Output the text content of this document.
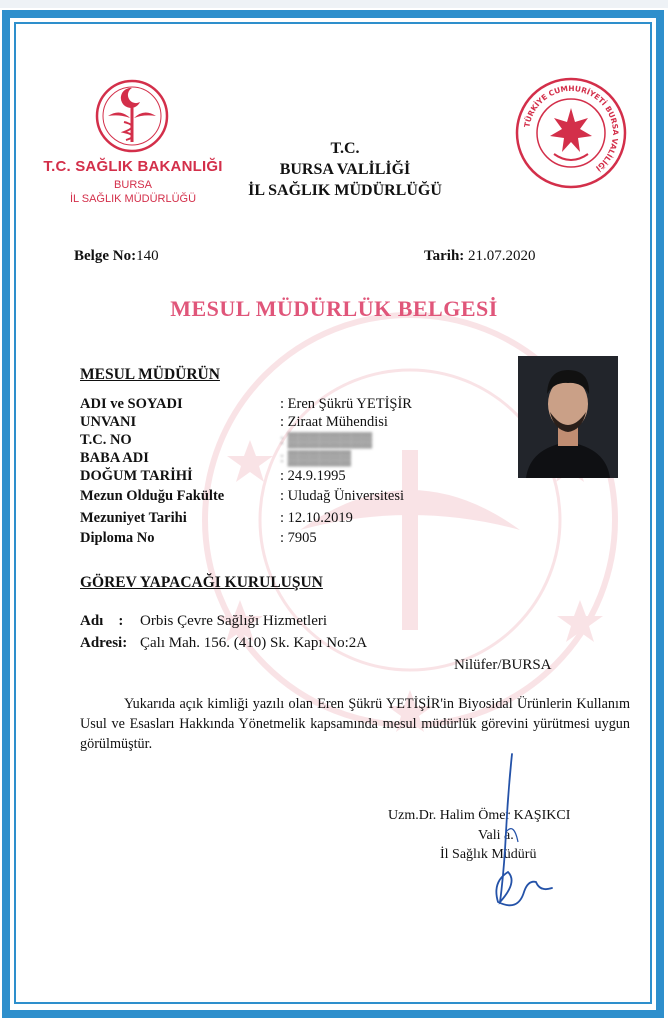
T.C. SAĞLIK BAKANLIĞI
BURSA
İL SAĞLIK MÜDÜRLÜĞÜ
T.C.
BURSA VALİLİĞİ
İL SAĞLIK MÜDÜRLÜĞÜ
TÜRKİYE CUMHURİYETİ BURSA VALİLİĞİ
Belge No:140	Tarih: 21.07.2020
MESUL MÜDÜRLÜK BELGESİ
MESUL MÜDÜRÜN
ADI ve SOYADI	: Eren Şükrü YETİŞİR
UNVANI	: Ziraat Mühendisi
T.C. NO	: ▓▓▓▓▓▓▓▓
BABA ADI	: ▓▓▓▓▓▓
DOĞUM TARİHİ	: 24.9.1995
Mezun Olduğu Fakülte	: Uludağ Üniversitesi
Mezuniyet Tarihi	: 12.10.2019
Diploma No	: 7905
GÖREV YAPACAĞI KURULUŞUN
Adı    : Orbis Çevre Sağlığı Hizmetleri
Adresi: Çalı Mah. 156. (410) Sk. Kapı No:2A
Nilüfer/BURSA
Yukarıda açık kimliği yazılı olan Eren Şükrü YETİŞİR'in Biyosidal Ürünlerin Kullanım Usul ve Esasları Hakkında Yönetmelik kapsamında mesul müdürlük görevini yürütmesi uygun görülmüştür.
Uzm.Dr. Halim Ömer KAŞIKCI
Vali a.
İl Sağlık Müdürü
